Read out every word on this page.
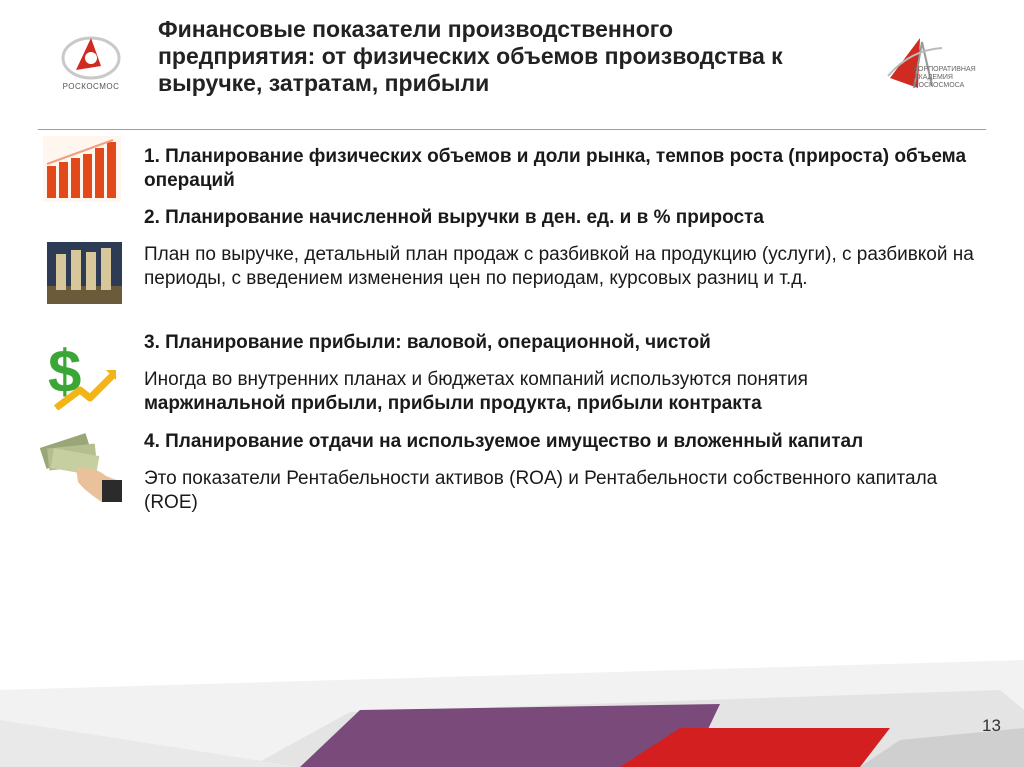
РОСКОСМОС
Финансовые показатели производственного
предприятия: от физических объемов производства к
выручке, затратам, прибыли
КОРПОРАТИВНАЯ
АКАДЕМИЯ
РОСКОСМОСА
$
1. Планирование физических объемов и доли рынка, темпов роста (прироста) объема операций
2. Планирование начисленной выручки в ден. ед. и в % прироста
План по выручке, детальный план продаж с разбивкой на продукцию (услуги), с разбивкой на периоды, с введением изменения цен по периодам, курсовых разниц и т.д.
3. Планирование прибыли: валовой, операционной, чистой
Иногда во внутренних планах и бюджетах компаний используются понятия
маржинальной прибыли, прибыли продукта, прибыли контракта
4. Планирование отдачи на используемое имущество и вложенный капитал
Это показатели Рентабельности активов (ROA) и Рентабельности собственного капитала (ROE)
13
